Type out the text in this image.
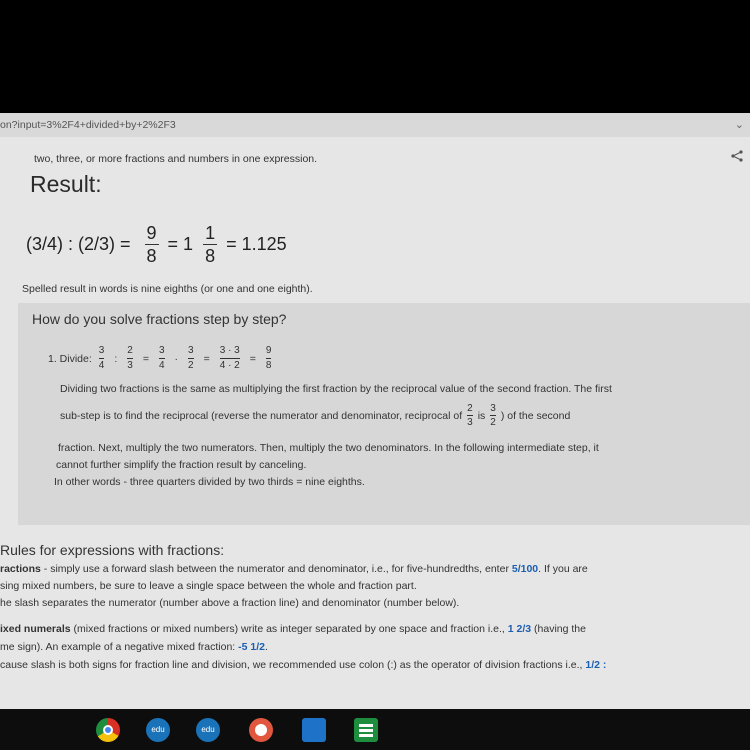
on?input=3%2F4+divided+by+2%2F3	⌄
two, three, or more fractions and numbers in one expression.
Result:
(3/4) : $(2/3) = \frac{9}{8} = 1 \frac{1}{8} = 1.125$
Spelled result in words is nine eighths (or one and one eighth).
How do you solve fractions step by step?
1. Divide: $\frac{3}{4}$ : $\frac{2}{3} = \frac{3}{4} \cdot \frac{3}{2} = \frac{3 \cdot 3}{4 \cdot 2} = \frac{9}{8}$
Dividing two fractions is the same as multiplying the first fraction by the reciprocal value of the second fraction. The first
sub-step is to find the reciprocal (reverse the numerator and denominator, reciprocal of $\frac{2}{3}$ is $\frac{3}{2}$ ) of the second
fraction. Next, multiply the two numerators. Then, multiply the two denominators. In the following intermediate step, it
cannot further simplify the fraction result by canceling.
In other words - three quarters divided by two thirds = nine eighths.
Rules for expressions with fractions:
ractions - simply use a forward slash between the numerator and denominator, i.e., for five-hundredths, enter 5/100. If you are
sing mixed numbers, be sure to leave a single space between the whole and fraction part.
he slash separates the numerator (number above a fraction line) and denominator (number below).
ixed numerals (mixed fractions or mixed numbers) write as integer separated by one space and fraction i.e., 1 2/3 (having the
me sign). An example of a negative mixed fraction: -5 1/2.
cause slash is both signs for fraction line and division, we recommended use colon (:) as the operator of division fractions i.e., 1/2 :
edu	edu
